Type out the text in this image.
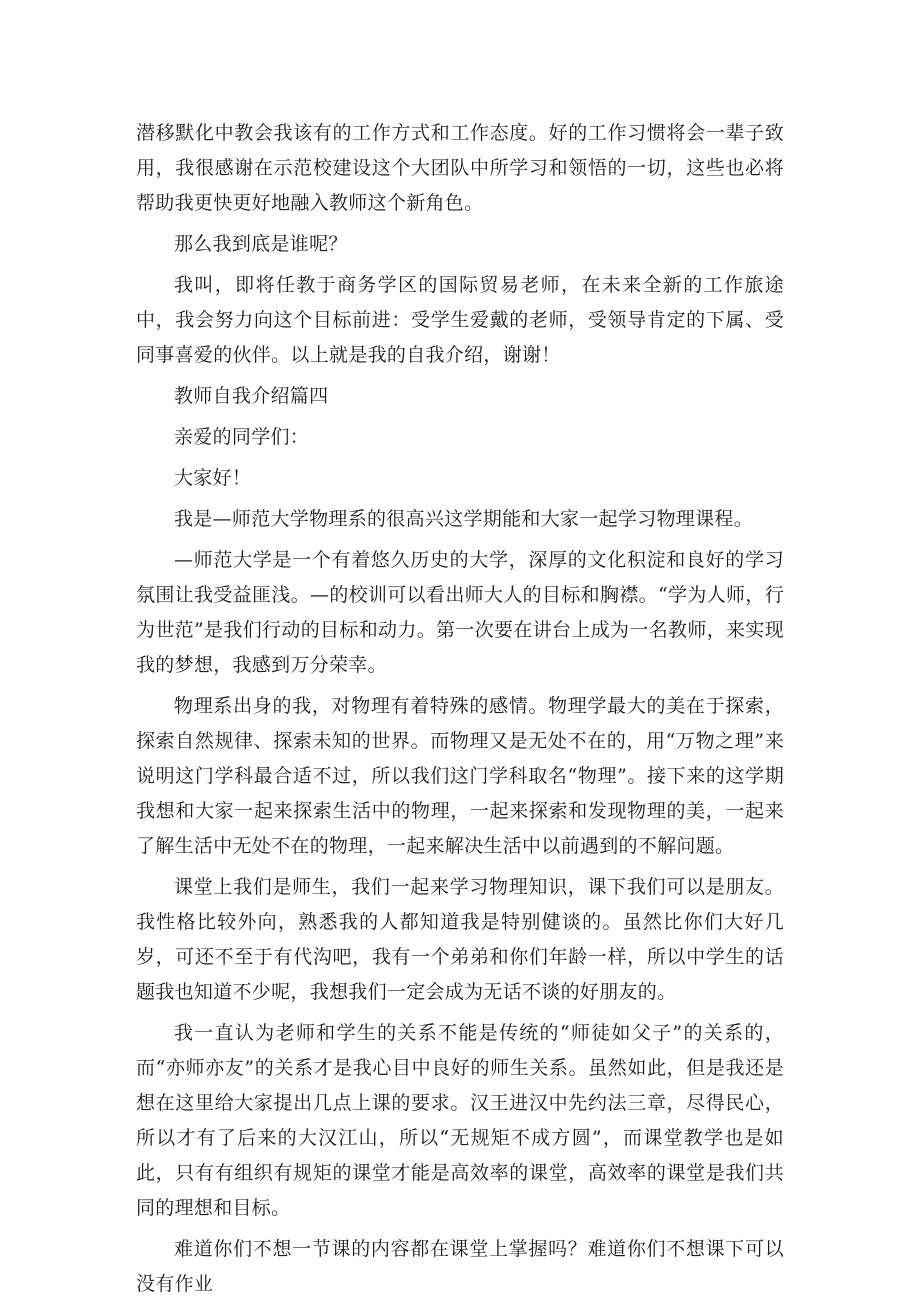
潜移默化中教会我该有的工作方式和工作态度。好的工作习惯将会一辈子致用，我很感谢在示范校建设这个大团队中所学习和领悟的一切，这些也必将帮助我更快更好地融入教师这个新角色。

那么我到底是谁呢？

我叫，即将任教于商务学区的国际贸易老师，在未来全新的工作旅途中，我会努力向这个目标前进：受学生爱戴的老师，受领导肯定的下属、受同事喜爱的伙伴。以上就是我的自我介绍，谢谢！

教师自我介绍篇四

亲爱的同学们：

大家好！

我是—师范大学物理系的很高兴这学期能和大家一起学习物理课程。

—师范大学是一个有着悠久历史的大学，深厚的文化积淀和良好的学习氛围让我受益匪浅。—的校训可以看出师大人的目标和胸襟。“学为人师，行为世范”是我们行动的目标和动力。第一次要在讲台上成为一名教师，来实现我的梦想，我感到万分荣幸。

物理系出身的我，对物理有着特殊的感情。物理学最大的美在于探索，探索自然规律、探索未知的世界。而物理又是无处不在的，用“万物之理”来说明这门学科最合适不过，所以我们这门学科取名“物理”。接下来的这学期我想和大家一起来探索生活中的物理，一起来探索和发现物理的美，一起来了解生活中无处不在的物理，一起来解决生活中以前遇到的不解问题。

课堂上我们是师生，我们一起来学习物理知识，课下我们可以是朋友。我性格比较外向，熟悉我的人都知道我是特别健谈的。虽然比你们大好几岁，可还不至于有代沟吧，我有一个弟弟和你们年龄一样，所以中学生的话题我也知道不少呢，我想我们一定会成为无话不谈的好朋友的。

我一直认为老师和学生的关系不能是传统的“师徒如父子”的关系的，而“亦师亦友”的关系才是我心目中良好的师生关系。虽然如此，但是我还是想在这里给大家提出几点上课的要求。汉王进汉中先约法三章，尽得民心，所以才有了后来的大汉江山，所以“无规矩不成方圆”，而课堂教学也是如此，只有有组织有规矩的课堂才能是高效率的课堂，高效率的课堂是我们共同的理想和目标。

难道你们不想一节课的内容都在课堂上掌握吗？难道你们不想课下可以没有作业
